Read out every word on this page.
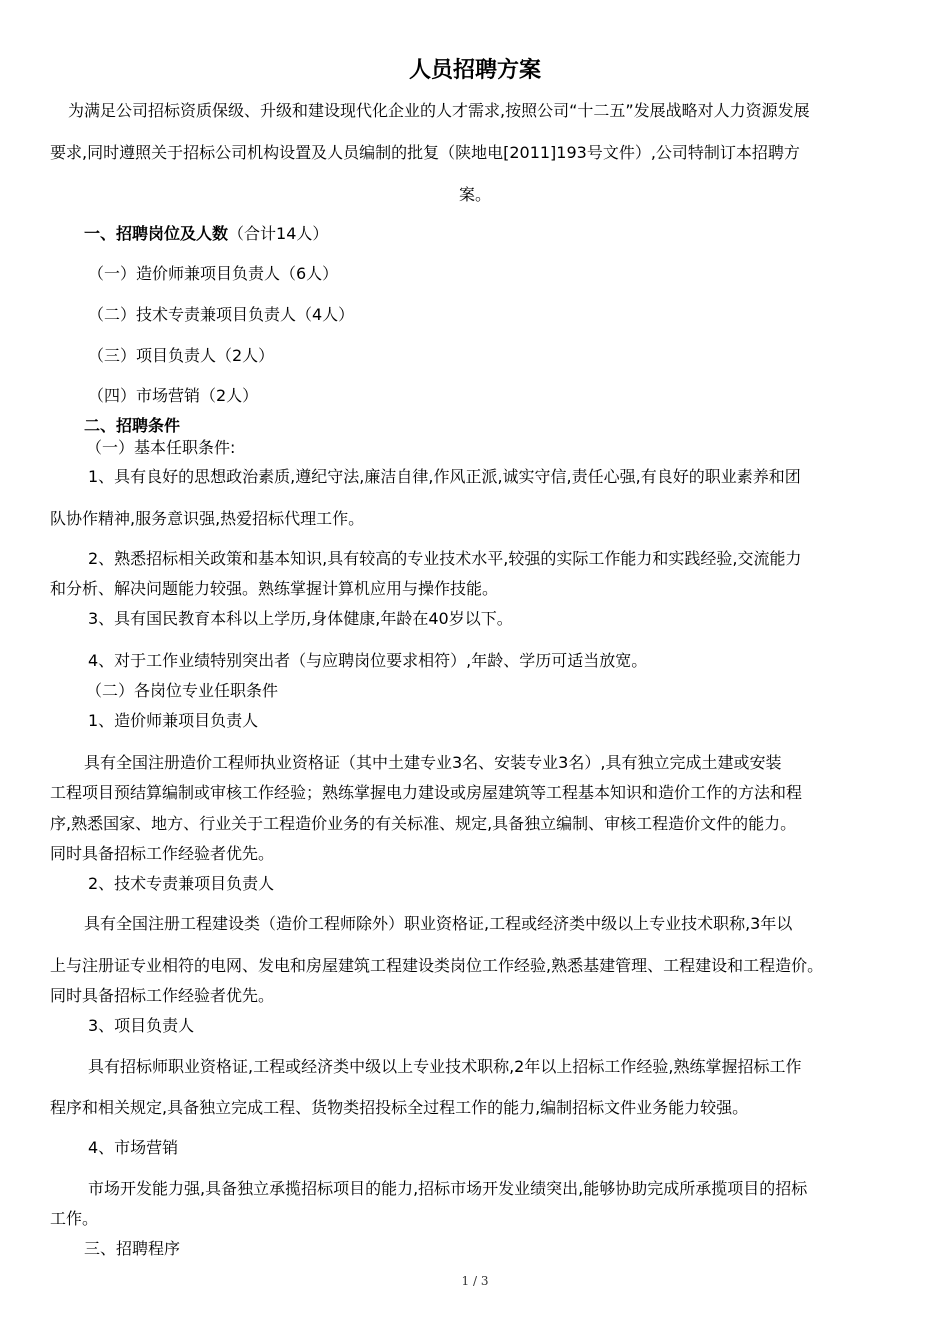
人员招聘方案
为满足公司招标资质保级、升级和建设现代化企业的人才需求,按照公司“十二五”发展战略对人力资源发展
要求,同时遵照关于招标公司机构设置及人员编制的批复（陕地电[2011]193号文件）,公司特制订本招聘方
案。
一、招聘岗位及人数（合计14人）
（一）造价师兼项目负责人（6人）
（二）技术专责兼项目负责人（4人）
（三）项目负责人（2人）
（四）市场营销（2人）
二、招聘条件
（一）基本任职条件:
1、具有良好的思想政治素质,遵纪守法,廉洁自律,作风正派,诚实守信,责任心强,有良好的职业素养和团
队协作精神,服务意识强,热爱招标代理工作。
2、熟悉招标相关政策和基本知识,具有较高的专业技术水平,较强的实际工作能力和实践经验,交流能力
和分析、解决问题能力较强。熟练掌握计算机应用与操作技能。
3、具有国民教育本科以上学历,身体健康,年龄在40岁以下。
4、对于工作业绩特别突出者（与应聘岗位要求相符）,年龄、学历可适当放宽。
（二）各岗位专业任职条件
1、造价师兼项目负责人
具有全国注册造价工程师执业资格证（其中土建专业3名、安装专业3名）,具有独立完成土建或安装
工程项目预结算编制或审核工作经验；熟练掌握电力建设或房屋建筑等工程基本知识和造价工作的方法和程
序,熟悉国家、地方、行业关于工程造价业务的有关标准、规定,具备独立编制、审核工程造价文件的能力。
同时具备招标工作经验者优先。
2、技术专责兼项目负责人
具有全国注册工程建设类（造价工程师除外）职业资格证,工程或经济类中级以上专业技术职称,3年以
上与注册证专业相符的电网、发电和房屋建筑工程建设类岗位工作经验,熟悉基建管理、工程建设和工程造价。
同时具备招标工作经验者优先。
3、项目负责人
具有招标师职业资格证,工程或经济类中级以上专业技术职称,2年以上招标工作经验,熟练掌握招标工作
程序和相关规定,具备独立完成工程、货物类招投标全过程工作的能力,编制招标文件业务能力较强。
4、市场营销
市场开发能力强,具备独立承揽招标项目的能力,招标市场开发业绩突出,能够协助完成所承揽项目的招标
工作。
三、招聘程序
1 / 3
